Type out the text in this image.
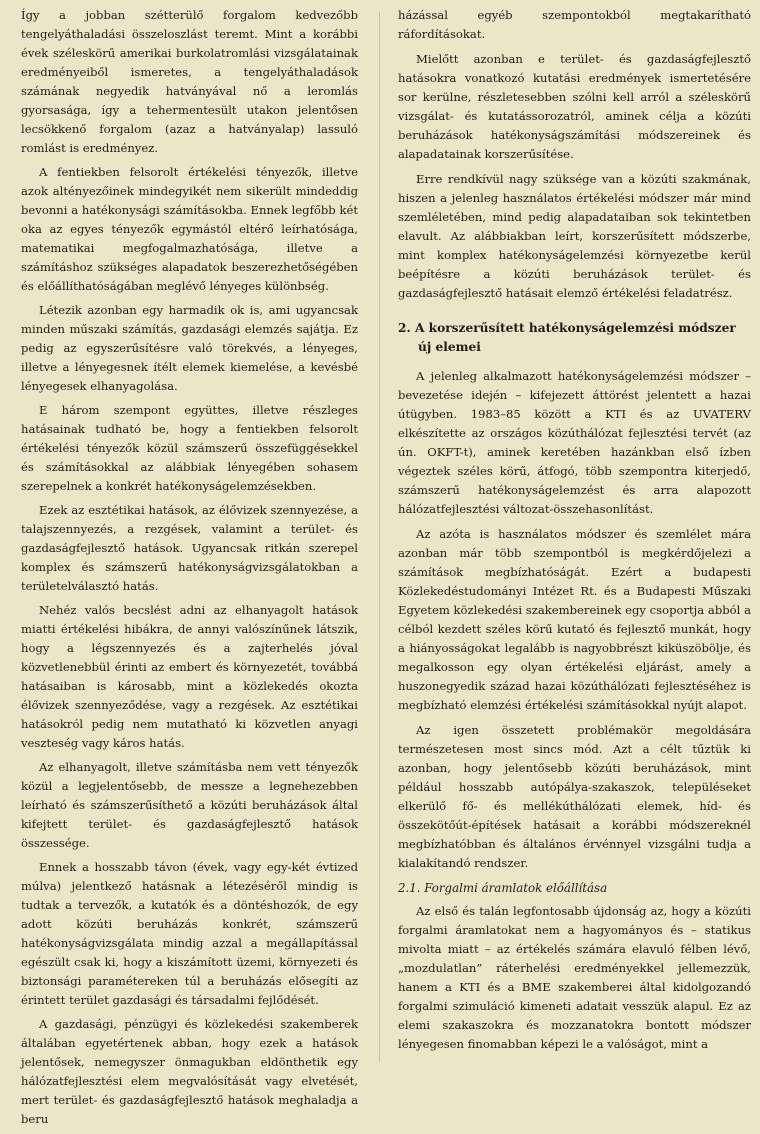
Így a jobban szétterülő forgalom kedvezőbb tengelyáthaladási összeloszlást teremt. Mint a korábbi évek széleskörű amerikai burkolatromlási vizsgálatainak eredményeiből ismeretes, a tengelyáthaladások számának negyedik hatványával nő a leromlás gyorsasága, így a tehermentesült utakon jelentősen lecsökkenő forgalom (azaz a hatványalap) lassuló romlást is eredményez.

A fentiekben felsorolt értékelési tényezők, illetve azok altényezőinek mindegyikét nem sikerült mindeddig bevonni a hatékonysági számításokba. Ennek legfőbb két oka az egyes tényezők egymástól eltérő leírhatósága, matematikai megfogalmazhatósága, illetve a számításhoz szükséges alapadatok beszerezhetőségében és előállíthatóságában meglévő lényeges különbség.

Létezik azonban egy harmadik ok is, ami ugyancsak minden műszaki számítás, gazdasági elemzés sajátja. Ez pedig az egyszerűsítésre való törekvés, a lényeges, illetve a lényegesnek ítélt elemek kiemelése, a kevésbé lényegesek elhanyagolása.

E három szempont együttes, illetve részleges hatásainak tudható be, hogy a fentiekben felsorolt értékelési tényezők közül számszerű összefüggésekkel és számításokkal az alábbiak lényegében sohasem szerepelnek a konkrét hatékonyságelemzésekben.

Ezek az esztétikai hatások, az élővizek szennyezése, a talajszennyezés, a rezgések, valamint a terület- és gazdaságfejlesztő hatások. Ugyancsak ritkán szerepel komplex és számszerű hatékonyságvizsgálatokban a területelválasztó hatás.

Nehéz valós becslést adni az elhanyagolt hatások miatti értékelési hibákra, de annyi valószínűnek látszik, hogy a légszennyezés és a zajterhelés jóval közvetlenebbül érinti az embert és környezetét, továbbá hatásaiban is károsabb, mint a közlekedés okozta élővizek szennyeződése, vagy a rezgések. Az esztétikai hatásokról pedig nem mutatható ki közvetlen anyagi veszteség vagy káros hatás.

Az elhanyagolt, illetve számításba nem vett tényezők közül a legjelentősebb, de messze a legnehezebben leírható és számszerűsíthető a közúti beruházások által kifejtett terület- és gazdaságfejlesztő hatások összessége.

Ennek a hosszabb távon (évek, vagy egy-két évtized múlva) jelentkező hatásnak a létezéséről mindig is tudtak a tervezők, a kutatók és a döntéshozók, de egy adott közúti beruházás konkrét, számszerű hatékonyságvizsgálata mindig azzal a megállapítással egészült csak ki, hogy a kiszámított üzemi, környezeti és biztonsági paramétereken túl a beruházás elősegíti az érintett terület gazdasági és társadalmi fejlődését.

A gazdasági, pénzügyi és közlekedési szakemberek általában egyetértenek abban, hogy ezek a hatások jelentősek, nemegyszer önmagukban eldönthetik egy hálózatfejlesztési elem megvalósítását vagy elvetését, mert terület- és gazdaságfejlesztő hatások meghaladja a beru

házással egyéb szempontokból megtakarítható ráfordításokat.

Mielőtt azonban e terület- és gazdaságfejlesztő hatásokra vonatkozó kutatási eredmények ismertetésére sor kerülne, részletesebben szólni kell arról a széleskörű vizsgálat- és kutatássorozatról, aminek célja a közúti beruházások hatékonyságszámítási módszereinek és alapadatainak korszerűsítése.

Erre rendkívül nagy szüksége van a közúti szakmának, hiszen a jelenleg használatos értékelési módszer már mind szemléletében, mind pedig alapadataiban sok tekintetben elavult. Az alábbiakban leírt, korszerűsített módszerbe, mint komplex hatékonyságelemzési környezetbe kerül beépítésre a közúti beruházások terület- és gazdaságfejlesztő hatásait elemző értékelési feladatrész.

2. A korszerűsített hatékonyságelemzési módszer új elemei

A jelenleg alkalmazott hatékonyságelemzési módszer – bevezetése idején – kifejezett áttörést jelentett a hazai útügyben. 1983–85 között a KTI és az UVATERV elkészítette az országos közúthálózat fejlesztési tervét (az ún. OKFT-t), aminek keretében hazánkban első ízben végeztek széles körű, átfogó, több szempontra kiterjedő, számszerű hatékonyságelemzést és arra alapozott hálózatfejlesztési változat-összehasonlítást.

Az azóta is használatos módszer és szemlélet mára azonban már több szempontból is megkérdőjelezi a számítások megbízhatóságát. Ezért a budapesti Közlekedéstudományi Intézet Rt. és a Budapesti Műszaki Egyetem közlekedési szakembereinek egy csoportja abból a célból kezdett széles körű kutató és fejlesztő munkát, hogy a hiányosságokat legalább is nagyobbrészt kiküszöbölje, és megalkosson egy olyan értékelési eljárást, amely a huszonegyedik század hazai közúthálózati fejlesztéséhez is megbízható elemzési értékelési számításokkal nyújt alapot.

Az igen összetett problémakör megoldására természetesen most sincs mód. Azt a célt tűztük ki azonban, hogy jelentősebb közúti beruházások, mint például hosszabb autópálya-szakaszok, településeket elkerülő fő- és mellékúthálózati elemek, híd- és összekötőút-építések hatásait a korábbi módszereknél megbízhatóbban és általános érvénnyel vizsgálni tudja a kialakítandó rendszer.

2.1. Forgalmi áramlatok előállítása

Az első és talán legfontosabb újdonság az, hogy a közúti forgalmi áramlatokat nem a hagyományos és – statikus mivolta miatt – az értékelés számára elavuló félben lévő, „mozdulatlan” ráterhelési eredményekkel jellemezzük, hanem a KTI és a BME szakemberei által kidolgozandó forgalmi szimuláció kimeneti adatait vesszük alapul. Ez az elemi szakaszokra és mozzanatokra bontott módszer lényegesen finomabban képezi le a valóságot, mint a
